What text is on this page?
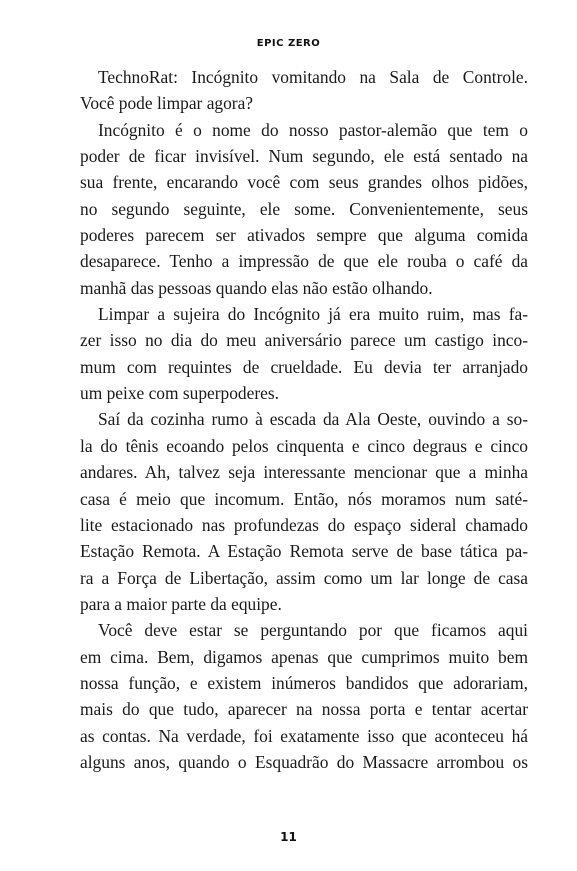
EPIC ZERO
TechnoRat: Incógnito vomitando na Sala de Controle.
Você pode limpar agora?
Incógnito é o nome do nosso pastor-alemão que tem o
poder de ficar invisível. Num segundo, ele está sentado na
sua frente, encarando você com seus grandes olhos pidões,
no segundo seguinte, ele some. Convenientemente, seus
poderes parecem ser ativados sempre que alguma comida
desaparece. Tenho a impressão de que ele rouba o café da
manhã das pessoas quando elas não estão olhando.
Limpar a sujeira do Incógnito já era muito ruim, mas fa-
zer isso no dia do meu aniversário parece um castigo inco-
mum com requintes de crueldade. Eu devia ter arranjado
um peixe com superpoderes.
Saí da cozinha rumo à escada da Ala Oeste, ouvindo a so-
la do tênis ecoando pelos cinquenta e cinco degraus e cinco
andares. Ah, talvez seja interessante mencionar que a minha
casa é meio que incomum. Então, nós moramos num saté-
lite estacionado nas profundezas do espaço sideral chamado
Estação Remota. A Estação Remota serve de base tática pa-
ra a Força de Libertação, assim como um lar longe de casa
para a maior parte da equipe.
Você deve estar se perguntando por que ficamos aqui
em cima. Bem, digamos apenas que cumprimos muito bem
nossa função, e existem inúmeros bandidos que adorariam,
mais do que tudo, aparecer na nossa porta e tentar acertar
as contas. Na verdade, foi exatamente isso que aconteceu há
alguns anos, quando o Esquadrão do Massacre arrombou os
11
